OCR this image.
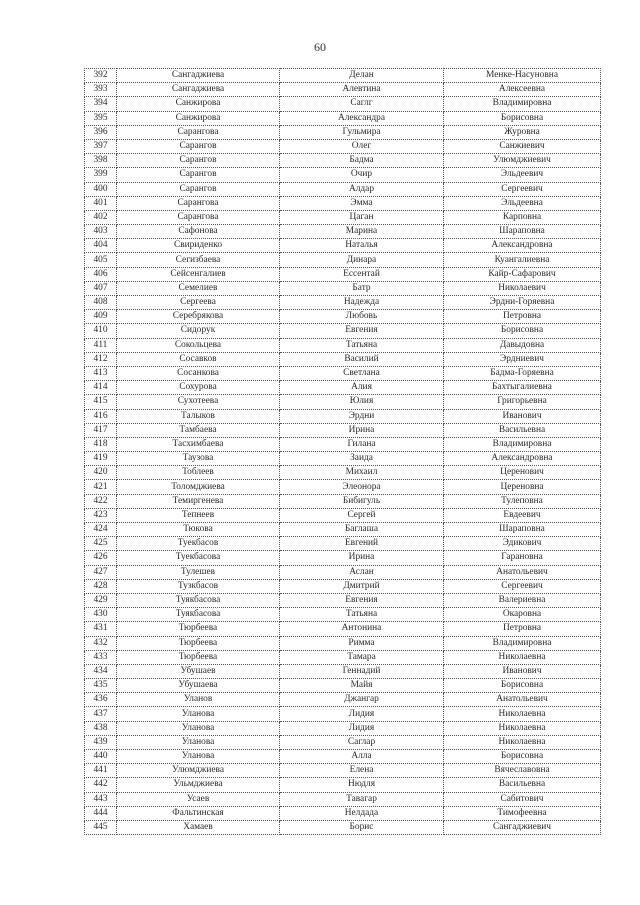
60
392	Сангаджиева	Делан	Менке-Насуновна
393	Сангаджиева	Алевтина	Алексеевна
394	Санжирова	Саглг	Владимировна
395	Санжирова	Александра	Борисовна
396	Сарангова	Гульмира	Журовна
397	Сарангов	Олег	Санжиевич
398	Сарангов	Бадма	Улюмджиевич
399	Сарангов	Очир	Эльдеевич
400	Сарангов	Алдар	Сергеевич
401	Сарангова	Эмма	Эльдеевна
402	Сарангова	Цаган	Карповна
403	Сафонова	Марина	Шараповна
404	Свириденко	Наталья	Александровна
405	Сегизбаева	Динара	Куангалиевна
406	Сейсенгалиев	Ессентай	Кайр-Сафарович
407	Семелиев	Батр	Николаевич
408	Сергеева	Надежда	Эрдни-Горяевна
409	Серебрякова	Любовь	Петровна
410	Сидорук	Евгения	Борисовна
411	Сокольцева	Татьяна	Давыдовна
412	Сосавков	Василий	Эрдниевич
413	Сосанкова	Светлана	Бадма-Горяевна
414	Сохурова	Алия	Бахтыгалиевна
415	Сухотеева	Юлия	Григорьевна
416	Талыков	Эрдни	Иванович
417	Тамбаева	Ирина	Васильевна
418	Тасхимбаева	Гилана	Владимировна
419	Таузова	Заида	Александровна
420	Тоблеев	Михаил	Церенович
421	Толомджиева	Элеонора	Цереновна
422	Темиргенева	Бибигуль	Тулеповна
423	Тепнеев	Сергей	Евдеевич
424	Тюкова	Баглаша	Шараповна
425	Туекбасов	Евгений	Эдикович
426	Туекбасова	Ирина	Гарановна
427	Тулешев	Аслан	Анатольевич
428	Тузкбасов	Дмитрий	Сергеевич
429	Туякбасова	Евгения	Валериевна
430	Туякбасова	Татьяна	Окаровна
431	Тюрбеева	Антонина	Петровна
432	Тюрбеева	Римма	Владимировна
433	Тюрбеева	Тамара	Николаевна
434	Убушаев	Геннадий	Иванович
435	Убушаева	Майя	Борисовна
436	Уланов	Джангар	Анатольевич
437	Уланова	Лидия	Николаевна
438	Уланова	Лидия	Николаевна
439	Уланова	Саглар	Николаевна
440	Уланова	Алла	Борисовна
441	Улюмджиева	Елена	Вячеславовна
442	Ульмджиева	Нюдля	Васильевна
443	Усаев	Тавагар	Сабитович
444	Фальтинская	Нелдада	Тимофеевна
445	Хамаев	Борис	Сангаджиевич
